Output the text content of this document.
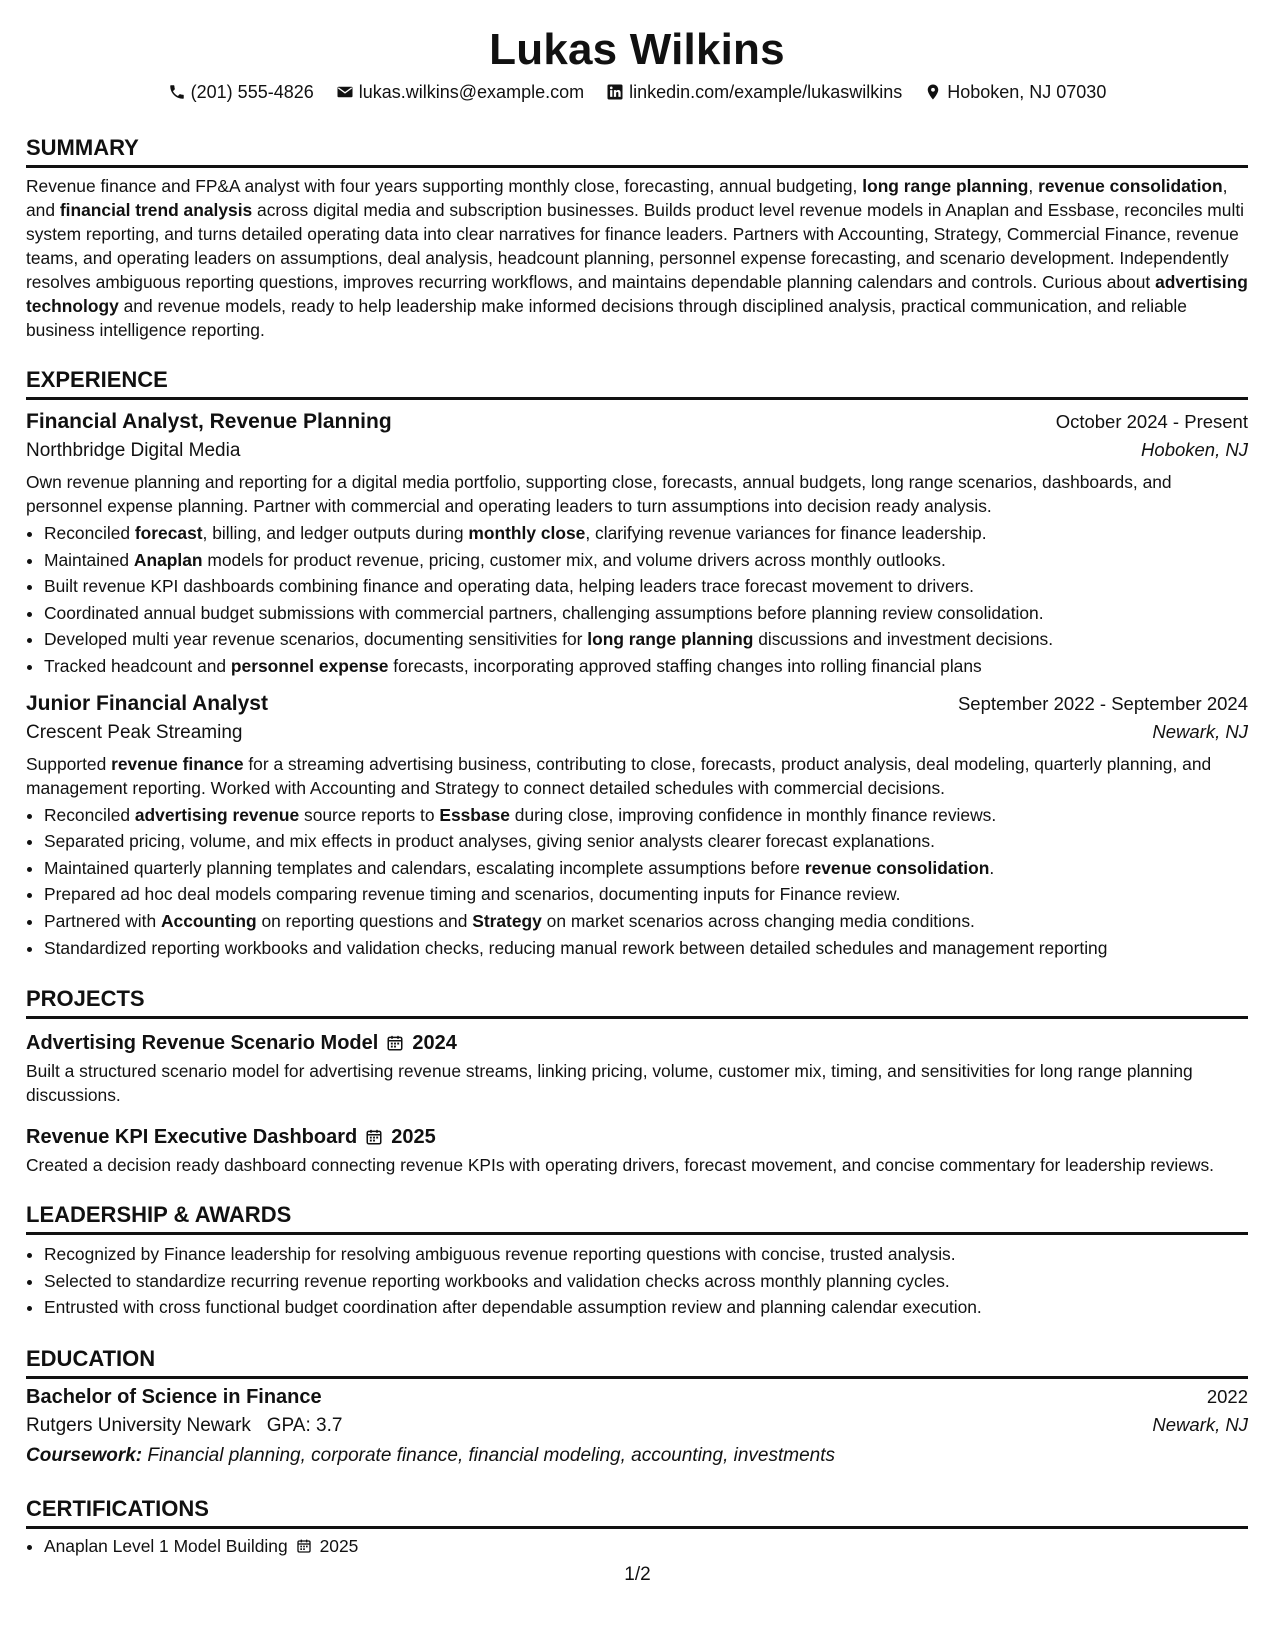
Lukas Wilkins
(201) 555-4826	lukas.wilkins@example.com	linkedin.com/example/lukaswilkins	Hoboken, NJ 07030
SUMMARY

Revenue finance and FP&A analyst with four years supporting monthly close, forecasting, annual budgeting, long range planning, revenue consolidation, and financial trend analysis across digital media and subscription businesses. Builds product level revenue models in Anaplan and Essbase, reconciles multi system reporting, and turns detailed operating data into clear narratives for finance leaders. Partners with Accounting, Strategy, Commercial Finance, revenue teams, and operating leaders on assumptions, deal analysis, headcount planning, personnel expense forecasting, and scenario development. Independently resolves ambiguous reporting questions, improves recurring workflows, and maintains dependable planning calendars and controls. Curious about advertising technology and revenue models, ready to help leadership make informed decisions through disciplined analysis, practical communication, and reliable business intelligence reporting.

EXPERIENCE
Financial Analyst, Revenue Planning	October 2024 - Present
Northbridge Digital Media	Hoboken, NJ

Own revenue planning and reporting for a digital media portfolio, supporting close, forecasts, annual budgets, long range scenarios, dashboards, and personnel expense planning. Partner with commercial and operating leaders to turn assumptions into decision ready analysis.

• Reconciled forecast, billing, and ledger outputs during monthly close, clarifying revenue variances for finance leadership.
• Maintained Anaplan models for product revenue, pricing, customer mix, and volume drivers across monthly outlooks.
• Built revenue KPI dashboards combining finance and operating data, helping leaders trace forecast movement to drivers.
• Coordinated annual budget submissions with commercial partners, challenging assumptions before planning review consolidation.
• Developed multi year revenue scenarios, documenting sensitivities for long range planning discussions and investment decisions.
• Tracked headcount and personnel expense forecasts, incorporating approved staffing changes into rolling financial plans
Junior Financial Analyst	September 2022 - September 2024
Crescent Peak Streaming	Newark, NJ

Supported revenue finance for a streaming advertising business, contributing to close, forecasts, product analysis, deal modeling, quarterly planning, and management reporting. Worked with Accounting and Strategy to connect detailed schedules with commercial decisions.

• Reconciled advertising revenue source reports to Essbase during close, improving confidence in monthly finance reviews.
• Separated pricing, volume, and mix effects in product analyses, giving senior analysts clearer forecast explanations.
• Maintained quarterly planning templates and calendars, escalating incomplete assumptions before revenue consolidation.
• Prepared ad hoc deal models comparing revenue timing and scenarios, documenting inputs for Finance review.
• Partnered with Accounting on reporting questions and Strategy on market scenarios across changing media conditions.
• Standardized reporting workbooks and validation checks, reducing manual rework between detailed schedules and management reporting
PROJECTS
Advertising Revenue Scenario Model 2024

Built a structured scenario model for advertising revenue streams, linking pricing, volume, customer mix, timing, and sensitivities for long range planning discussions.

Revenue KPI Executive Dashboard 2025

Created a decision ready dashboard connecting revenue KPIs with operating drivers, forecast movement, and concise commentary for leadership reviews.

LEADERSHIP & AWARDS
• Recognized by Finance leadership for resolving ambiguous revenue reporting questions with concise, trusted analysis.
• Selected to standardize recurring revenue reporting workbooks and validation checks across monthly planning cycles.
• Entrusted with cross functional budget coordination after dependable assumption review and planning calendar execution.
EDUCATION
Bachelor of Science in Finance	2022
Rutgers University Newark GPA: 3.7	Newark, NJ
Coursework: Financial planning, corporate finance, financial modeling, accounting, investments
CERTIFICATIONS
• Anaplan Level 1 Model Building 2025
1/2
